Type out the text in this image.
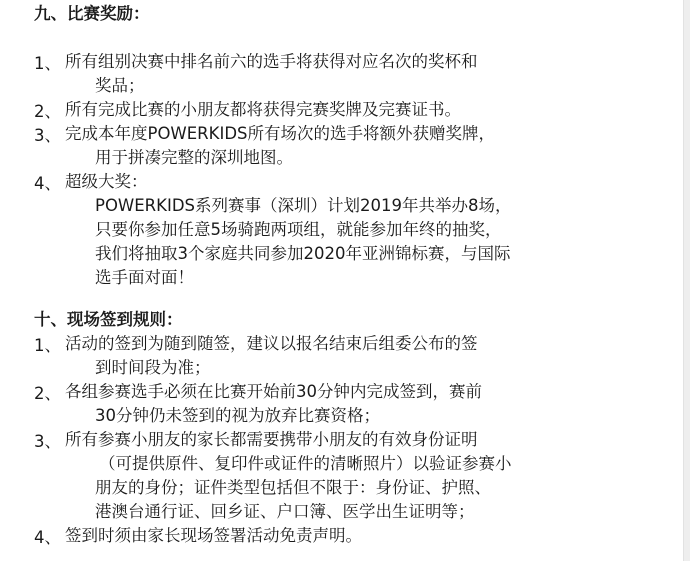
九、比赛奖励：
1、 所有组别决赛中排名前六的选手将获得对应名次的奖杯和
奖品；
2、 所有完成比赛的小朋友都将获得完赛奖牌及完赛证书。
3、 完成本年度POWERKIDS所有场次的选手将额外获赠奖牌，
用于拼凑完整的深圳地图。
4、 超级大奖：
POWERKIDS系列赛事（深圳）计划2019年共举办8场，
只要你参加任意5场骑跑两项组，就能参加年终的抽奖，
我们将抽取3个家庭共同参加2020年亚洲锦标赛，与国际
选手面对面！
十、现场签到规则：
1、 活动的签到为随到随签，建议以报名结束后组委公布的签
到时间段为准；
2、 各组参赛选手必须在比赛开始前30分钟内完成签到，赛前
30分钟仍未签到的视为放弃比赛资格；
3、 所有参赛小朋友的家长都需要携带小朋友的有效身份证明
（可提供原件、复印件或证件的清晰照片）以验证参赛小
朋友的身份；证件类型包括但不限于：身份证、护照、
港澳台通行证、回乡证、户口簿、医学出生证明等；
4、 签到时须由家长现场签署活动免责声明。
